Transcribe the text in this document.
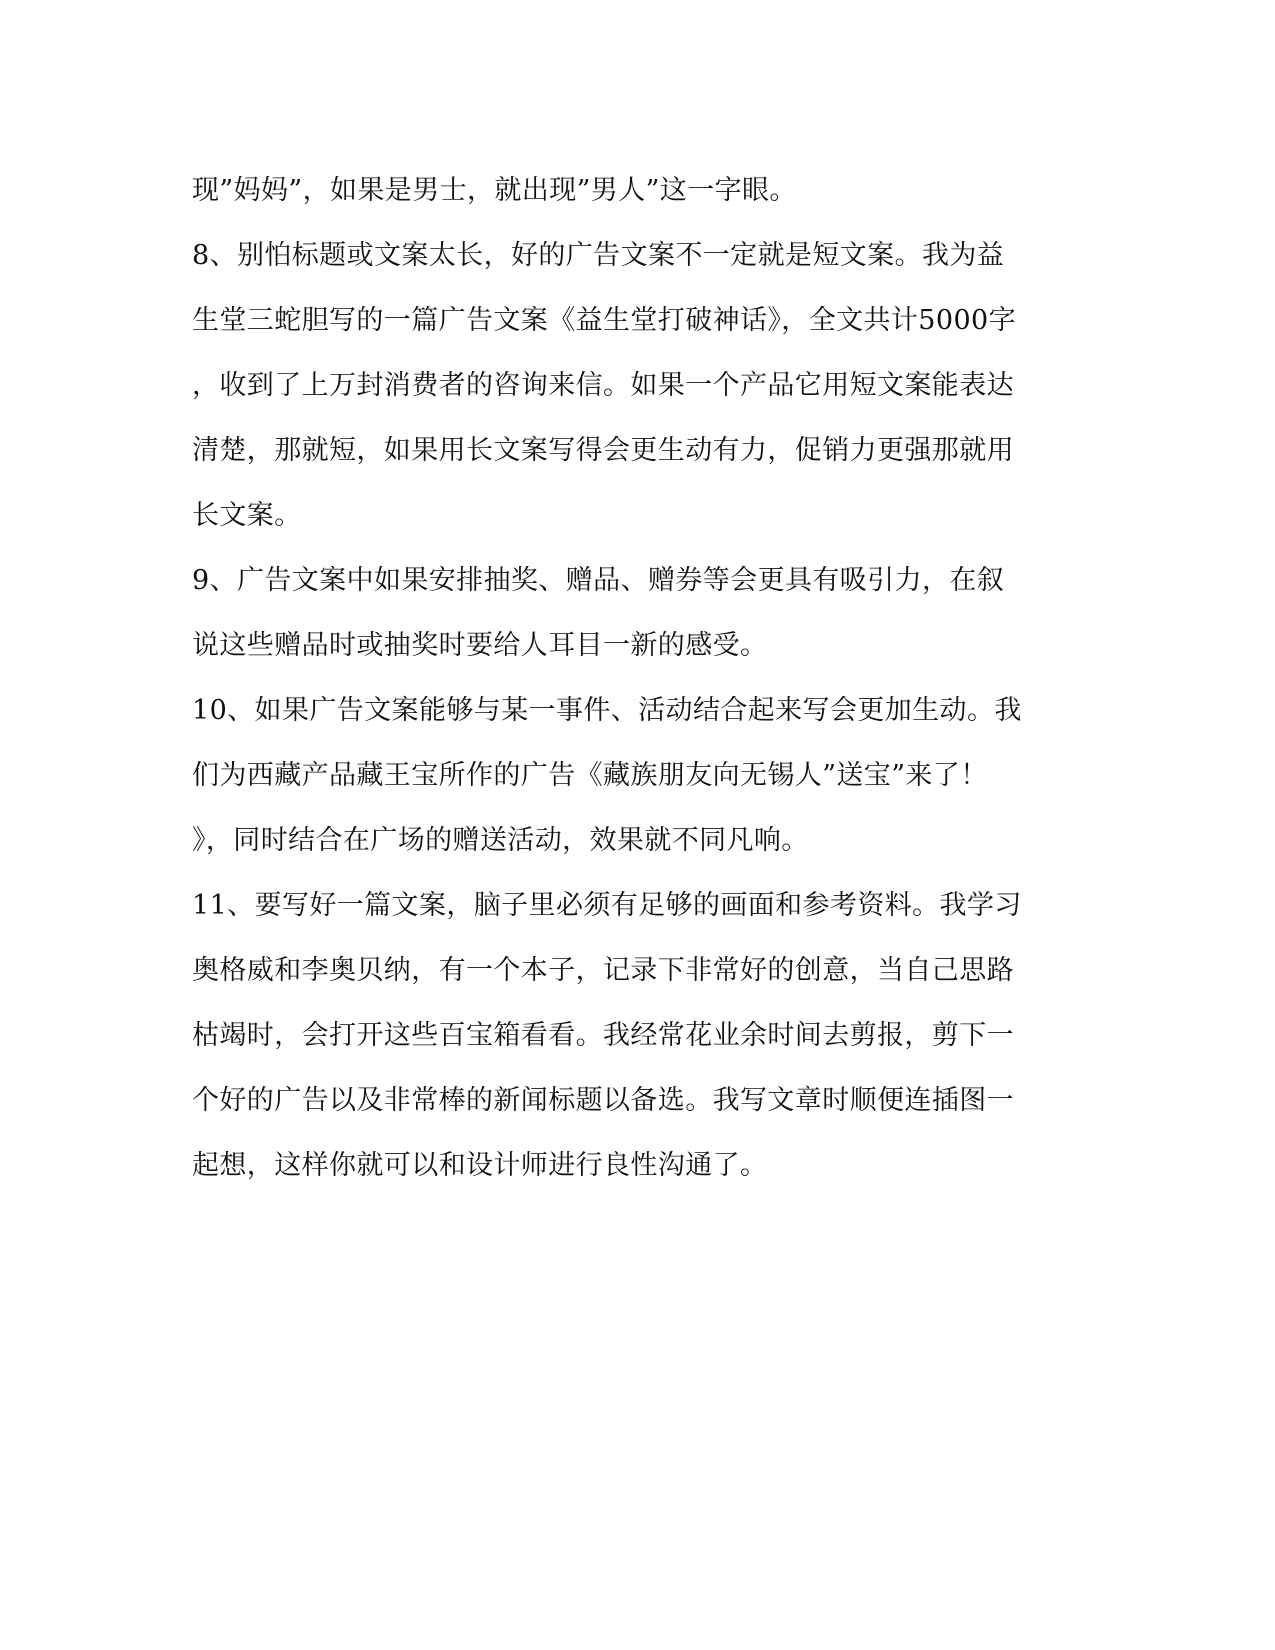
现”妈妈”，如果是男士，就出现”男人”这一字眼。
8、别怕标题或文案太长，好的广告文案不一定就是短文案。我为益
生堂三蛇胆写的一篇广告文案《益生堂打破神话》，全文共计5000字
，收到了上万封消费者的咨询来信。如果一个产品它用短文案能表达
清楚，那就短，如果用长文案写得会更生动有力，促销力更强那就用
长文案。
9、广告文案中如果安排抽奖、赠品、赠券等会更具有吸引力，在叙
说这些赠品时或抽奖时要给人耳目一新的感受。
10、如果广告文案能够与某一事件、活动结合起来写会更加生动。我
们为西藏产品藏王宝所作的广告《藏族朋友向无锡人”送宝”来了！
》，同时结合在广场的赠送活动，效果就不同凡响。
11、要写好一篇文案，脑子里必须有足够的画面和参考资料。我学习
奥格威和李奥贝纳，有一个本子，记录下非常好的创意，当自己思路
枯竭时，会打开这些百宝箱看看。我经常花业余时间去剪报，剪下一
个好的广告以及非常棒的新闻标题以备选。我写文章时顺便连插图一
起想，这样你就可以和设计师进行良性沟通了。
